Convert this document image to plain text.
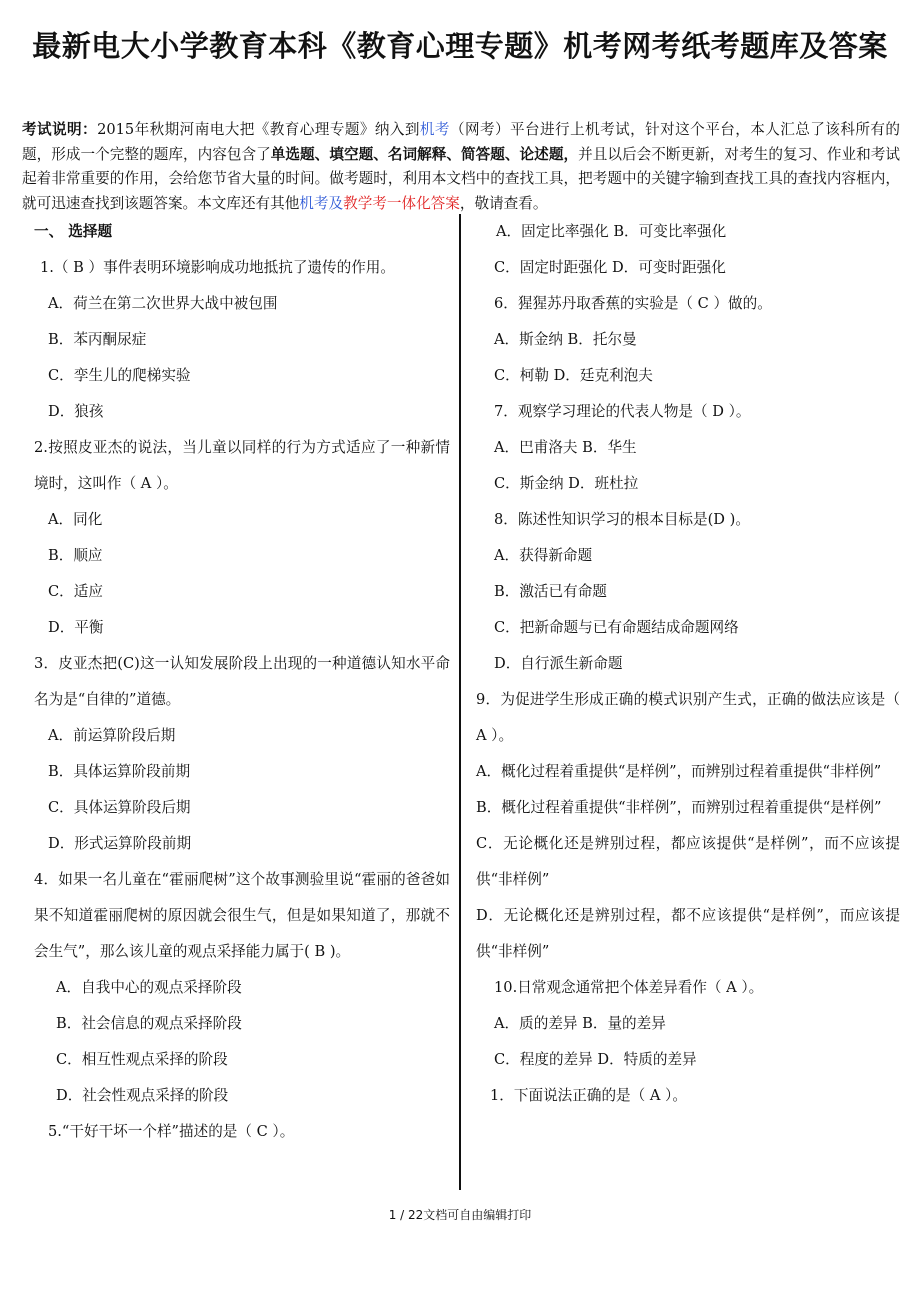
最新电大小学教育本科《教育心理专题》机考网考纸考题库及答案
考试说明：2015年秋期河南电大把《教育心理专题》纳入到机考（网考）平台进行上机考试，针对这个平台，本人汇总了该科所有的题，形成一个完整的题库，内容包含了单选题、填空题、名词解释、简答题、论述题，并且以后会不断更新，对考生的复习、作业和考试起着非常重要的作用，会给您节省大量的时间。做考题时，利用本文档中的查找工具，把考题中的关键字输到查找工具的查找内容框内，就可迅速查找到该题答案。本文库还有其他机考及教学考一体化答案，敬请查看。
一、 选择题
1.（ B ）事件表明环境影响成功地抵抗了遗传的作用。
A．荷兰在第二次世界大战中被包围
B．苯丙酮尿症
C．孪生儿的爬梯实验
D．狼孩
2.按照皮亚杰的说法，当儿童以同样的行为方式适应了一种新情境时，这叫作（ A ）。
A．同化
B．顺应
C．适应
D．平衡
3．皮亚杰把(C)这一认知发展阶段上出现的一种道德认知水平命名为是“自律的”道德。
A．前运算阶段后期
B．具体运算阶段前期
C．具体运算阶段后期
D．形式运算阶段前期
4．如果一名儿童在“霍丽爬树”这个故事测验里说“霍丽的爸爸如果不知道霍丽爬树的原因就会很生气，但是如果知道了，那就不会生气”，那么该儿童的观点采择能力属于( B )。
A．自我中心的观点采择阶段
B．社会信息的观点采择阶段
C．相互性观点采择的阶段
D．社会性观点采择的阶段
5.“干好干坏一个样”描述的是（ C ）。
A．固定比率强化 B．可变比率强化
C．固定时距强化 D．可变时距强化
6．猩猩苏丹取香蕉的实验是（ C ）做的。
A．斯金纳 B．托尔曼
C．柯勒 D．廷克利泡夫
7．观察学习理论的代表人物是（ D ）。
A．巴甫洛夫 B．华生
C．斯金纳 D．班杜拉
8．陈述性知识学习的根本目标是(D )。
A．获得新命题
B．激活已有命题
C．把新命题与已有命题结成命题网络
D．自行派生新命题
9．为促进学生形成正确的模式识别产生式，正确的做法应该是（ A ）。
A．概化过程着重提供“是样例”，而辨别过程着重提供“非样例”
B．概化过程着重提供“非样例”，而辨别过程着重提供“是样例”
C．无论概化还是辨别过程，都应该提供“是样例”，而不应该提供“非样例”
D．无论概化还是辨别过程，都不应该提供“是样例”，而应该提供“非样例”
10.日常观念通常把个体差异看作（ A ）。
A．质的差异 B．量的差异
C．程度的差异 D．特质的差异
1．下面说法正确的是（ A ）。
1 / 22文档可自由编辑打印
